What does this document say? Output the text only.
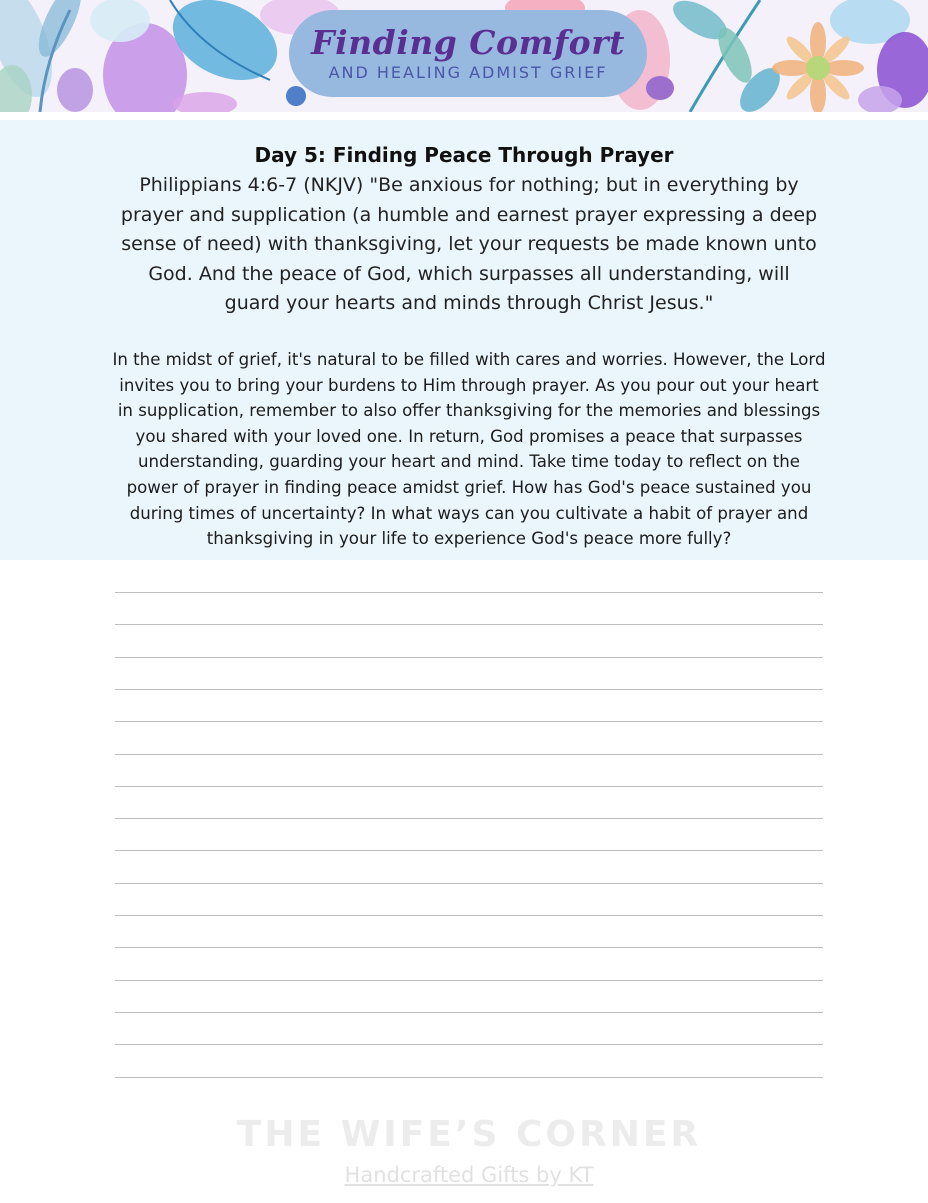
Finding Comfort
AND HEALING ADMIST GRIEF
Day 5: Finding Peace Through Prayer
Philippians 4:6-7 (NKJV) "Be anxious for nothing; but in everything by
prayer and supplication (a humble and earnest prayer expressing a deep
sense of need) with thanksgiving, let your requests be made known unto
God. And the peace of God, which surpasses all understanding, will
guard your hearts and minds through Christ Jesus."
In the midst of grief, it's natural to be filled with cares and worries. However, the Lord
invites you to bring your burdens to Him through prayer. As you pour out your heart
in supplication, remember to also offer thanksgiving for the memories and blessings
you shared with your loved one. In return, God promises a peace that surpasses
understanding, guarding your heart and mind. Take time today to reflect on the
power of prayer in finding peace amidst grief. How has God's peace sustained you
during times of uncertainty? In what ways can you cultivate a habit of prayer and
thanksgiving in your life to experience God's peace more fully?
THE WIFE’S CORNER
Handcrafted Gifts by KT
